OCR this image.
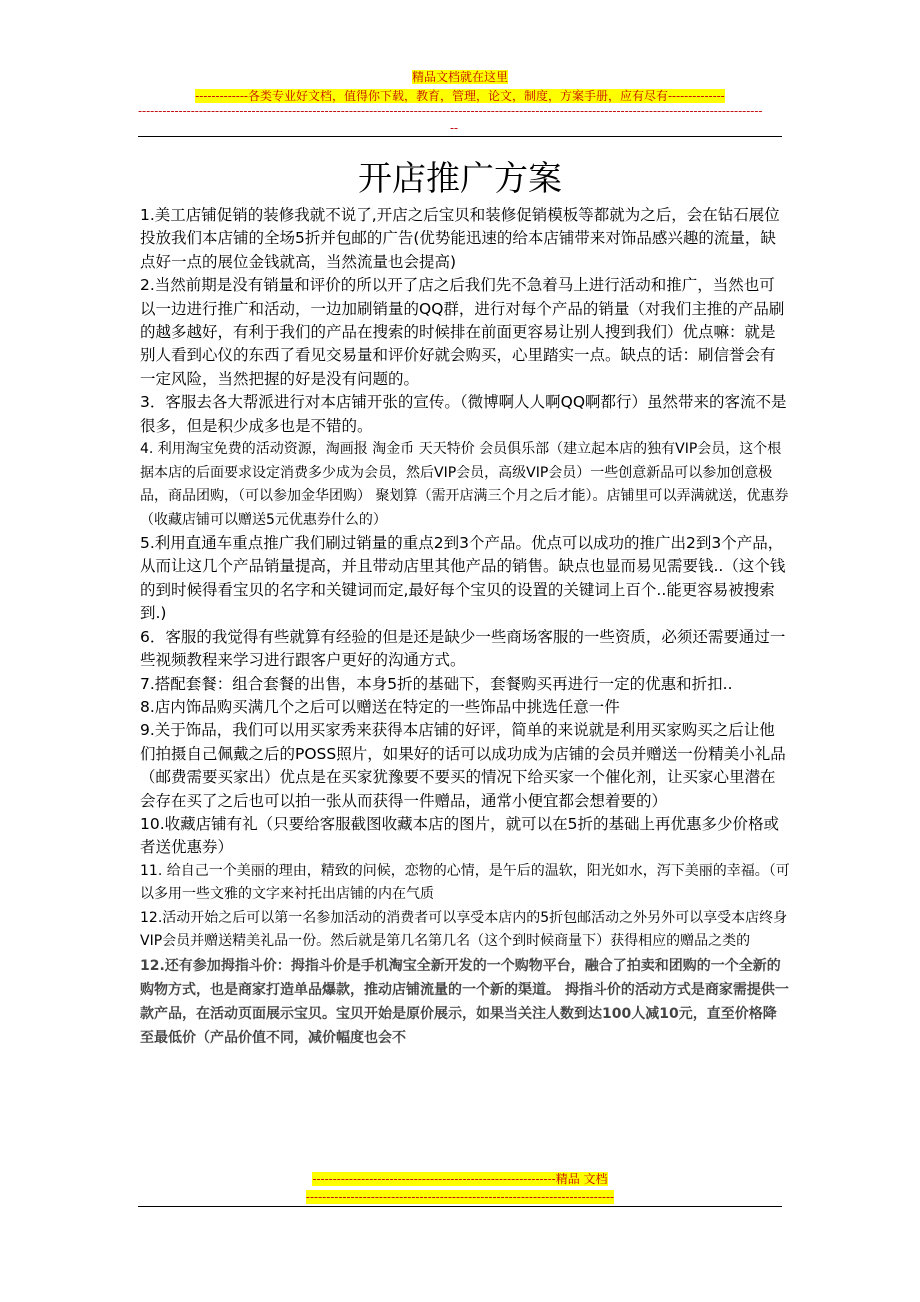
精品文档就在这里
-------------各类专业好文档，值得你下载，教育，管理，论文，制度，方案手册，应有尽有--------------
----------------------------------------------------------------------------------------------------------------------------------------------------------
--
开店推广方案

1.美工店铺促销的装修我就不说了,开店之后宝贝和装修促销模板等都就为之后，会在钻石展位投放我们本店铺的全场5折并包邮的广告(优势能迅速的给本店铺带来对饰品感兴趣的流量，缺点好一点的展位金钱就高，当然流量也会提高)

2.当然前期是没有销量和评价的所以开了店之后我们先不急着马上进行活动和推广，当然也可以一边进行推广和活动，一边加刷销量的QQ群，进行对每个产品的销量（对我们主推的产品刷的越多越好，有利于我们的产品在搜索的时候排在前面更容易让别人搜到我们）优点嘛：就是别人看到心仪的东西了看见交易量和评价好就会购买，心里踏实一点。缺点的话：刷信誉会有一定风险，当然把握的好是没有问题的。

3．客服去各大帮派进行对本店铺开张的宣传。（微博啊人人啊QQ啊都行）虽然带来的客流不是很多，但是积少成多也是不错的。

4. 利用淘宝免费的活动资源，淘画报 淘金币 天天特价 会员俱乐部（建立起本店的独有VIP会员，这个根据本店的后面要求设定消费多少成为会员，然后VIP会员，高级VIP会员）一些创意新品可以参加创意极品，商品团购，（可以参加金华团购） 聚划算（需开店满三个月之后才能）。店铺里可以弄满就送，优惠券（收藏店铺可以赠送5元优惠券什么的）

5.利用直通车重点推广我们刷过销量的重点2到3个产品。优点可以成功的推广出2到3个产品，从而让这几个产品销量提高，并且带动店里其他产品的销售。缺点也显而易见需要钱..（这个钱的到时候得看宝贝的名字和关键词而定,最好每个宝贝的设置的关键词上百个..能更容易被搜索到.)

6．客服的我觉得有些就算有经验的但是还是缺少一些商场客服的一些资质，必须还需要通过一些视频教程来学习进行跟客户更好的沟通方式。

7.搭配套餐：组合套餐的出售，本身5折的基础下，套餐购买再进行一定的优惠和折扣..

8.店内饰品购买满几个之后可以赠送在特定的一些饰品中挑选任意一件

9.关于饰品，我们可以用买家秀来获得本店铺的好评，简单的来说就是利用买家购买之后让他们拍摄自己佩戴之后的POSS照片，如果好的话可以成功成为店铺的会员并赠送一份精美小礼品（邮费需要买家出）优点是在买家犹豫要不要买的情况下给买家一个催化剂，让买家心里潜在会存在买了之后也可以拍一张从而获得一件赠品，通常小便宜都会想着要的）

10.收藏店铺有礼（只要给客服截图收藏本店的图片，就可以在5折的基础上再优惠多少价格或者送优惠券）

11. 给自己一个美丽的理由，精致的问候，恋物的心情，是午后的温软，阳光如水，泻下美丽的幸福。（可以多用一些文雅的文字来衬托出店铺的内在气质

12.活动开始之后可以第一名参加活动的消费者可以享受本店内的5折包邮活动之外另外可以享受本店终身VIP会员并赠送精美礼品一份。然后就是第几名第几名（这个到时候商量下）获得相应的赠品之类的

12.还有参加拇指斗价：拇指斗价是手机淘宝全新开发的一个购物平台，融合了拍卖和团购的一个全新的购物方式，也是商家打造单品爆款，推动店铺流量的一个新的渠道。 拇指斗价的活动方式是商家需提供一款产品，在活动页面展示宝贝。宝贝开始是原价展示，如果当关注人数到达100人减10元，直至价格降至最低价（产品价值不同，减价幅度也会不

------------------------------------------------------------精品 文档
----------------------------------------------------------------------------
